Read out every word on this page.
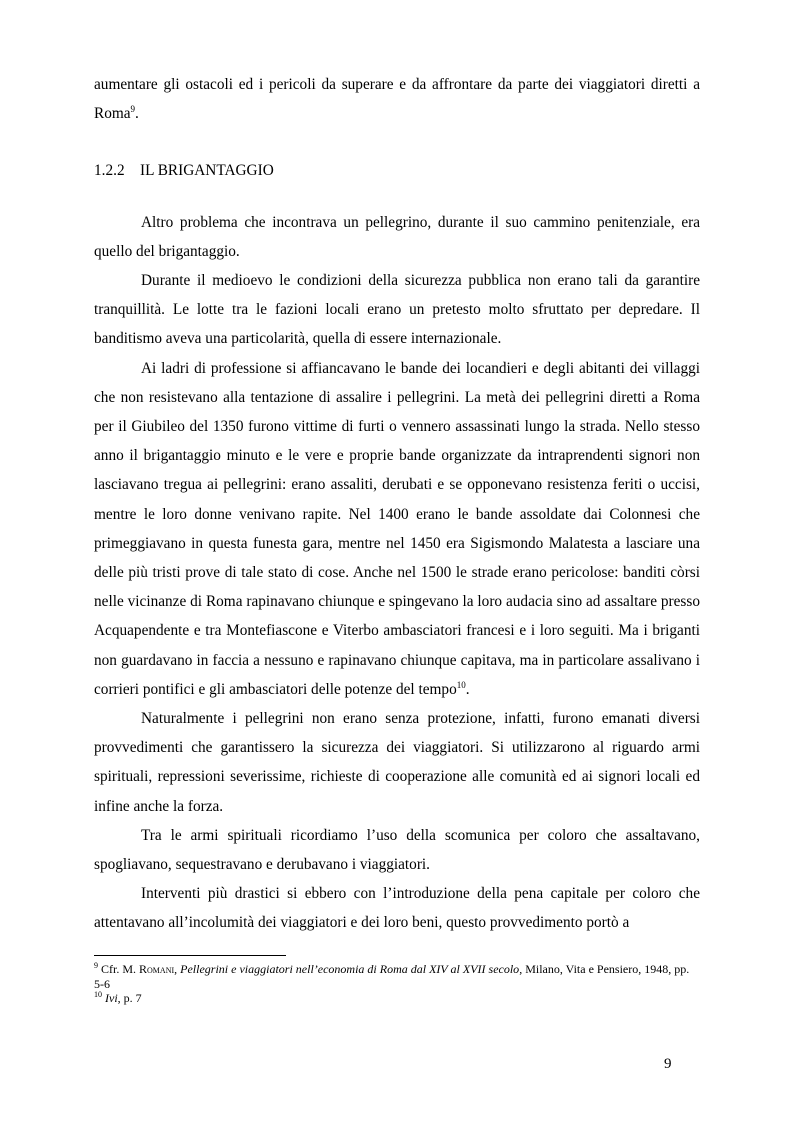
aumentare gli ostacoli ed i pericoli da superare e da affrontare da parte dei viaggiatori diretti a Roma$^9$.

1.2.2 IL BRIGANTAGGIO

Altro problema che incontrava un pellegrino, durante il suo cammino penitenziale, era quello del brigantaggio.

Durante il medioevo le condizioni della sicurezza pubblica non erano tali da garantire tranquillità. Le lotte tra le fazioni locali erano un pretesto molto sfruttato per depredare. Il banditismo aveva una particolarità, quella di essere internazionale.

Ai ladri di professione si affiancavano le bande dei locandieri e degli abitanti dei villaggi che non resistevano alla tentazione di assalire i pellegrini. La metà dei pellegrini diretti a Roma per il Giubileo del 1350 furono vittime di furti o vennero assassinati lungo la strada. Nello stesso anno il brigantaggio minuto e le vere e proprie bande organizzate da intraprendenti signori non lasciavano tregua ai pellegrini: erano assaliti, derubati e se opponevano resistenza feriti o uccisi, mentre le loro donne venivano rapite. Nel 1400 erano le bande assoldate dai Colonnesi che primeggiavano in questa funesta gara, mentre nel 1450 era Sigismondo Malatesta a lasciare una delle più tristi prove di tale stato di cose. Anche nel 1500 le strade erano pericolose: banditi còrsi nelle vicinanze di Roma rapinavano chiunque e spingevano la loro audacia sino ad assaltare presso Acquapendente e tra Montefiascone e Viterbo ambasciatori francesi e i loro seguiti. Ma i briganti non guardavano in faccia a nessuno e rapinavano chiunque capitava, ma in particolare assalivano i corrieri pontifici e gli ambasciatori delle potenze del tempo$^{10}$.

Naturalmente i pellegrini non erano senza protezione, infatti, furono emanati diversi provvedimenti che garantissero la sicurezza dei viaggiatori. Si utilizzarono al riguardo armi spirituali, repressioni severissime, richieste di cooperazione alle comunità ed ai signori locali ed infine anche la forza.

Tra le armi spirituali ricordiamo l’uso della scomunica per coloro che assaltavano, spogliavano, sequestravano e derubavano i viaggiatori.

Interventi più drastici si ebbero con l’introduzione della pena capitale per coloro che attentavano all’incolumità dei viaggiatori e dei loro beni, questo provvedimento portò a

$^9$ Cfr. M. Romani, Pellegrini e viaggiatori nell’economia di Roma dal XIV al XVII secolo, Milano, Vita e Pensiero, 1948, pp. 5-6
$^{10}$ Ivi, p. 7
9
